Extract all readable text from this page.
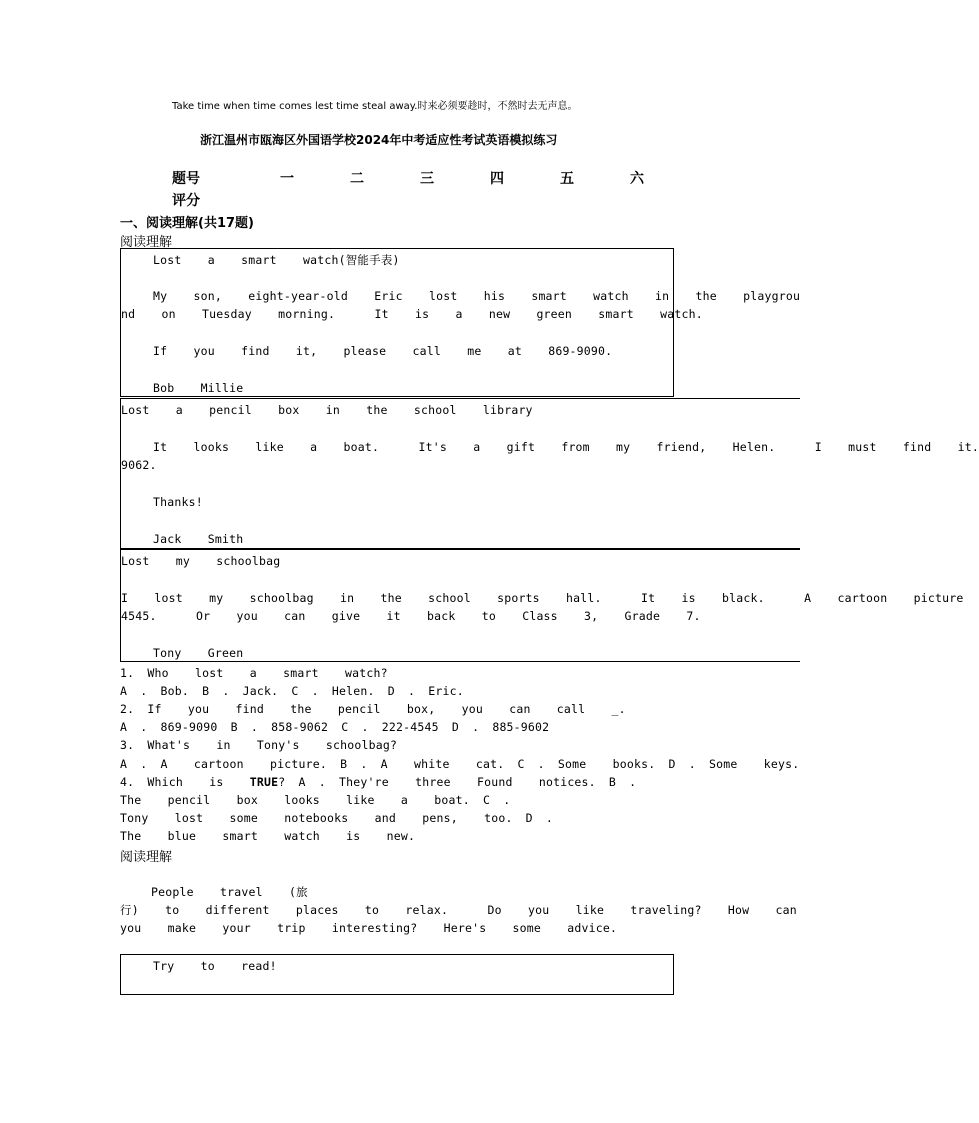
Take time when time comes lest time steal away.时来必须要趁时，不然时去无声息。
浙江温州市瓯海区外国语学校2024年中考适应性考试英语模拟练习
题号	一	二	三	四	五	六
评分
一、阅读理解(共17题)
阅读理解
Lost  a  smart  watch(智能手表)
My  son,  eight-year-old  Eric  lost  his  smart  watch  in  the  playgrou
nd  on  Tuesday  morning.   It  is  a  new  green  smart  watch.
If  you  find  it,  please  call  me  at  869-9090.
Bob  Millie
Lost  a  pencil  box  in  the  school  library
It  looks  like  a  boat.   It's  a  gift  from  my  friend,  Helen.   I  must  find  it.
9062.
Thanks!
Jack  Smith
Lost  my  schoolbag
I  lost  my  schoolbag  in  the  school  sports  hall.   It  is  black.   A  cartoon  picture
4545.   Or  you  can  give  it  back  to  Class  3,  Grade  7.
Tony  Green
1. Who  lost  a  smart  watch?
A . Bob. B . Jack. C . Helen. D . Eric.
2. If  you  find  the  pencil  box,  you  can  call  _.
A . 869-9090 B . 858-9062 C . 222-4545 D . 885-9602
3. What's  in  Tony's  schoolbag?
A . A  cartoon  picture. B . A  white  cat. C . Some  books. D . Some  keys.
4. Which  is  TRUE? A . They're  three  Found  notices. B .
The  pencil  box  looks  like  a  boat. C .
Tony  lost  some  notebooks  and  pens,  too. D .
The  blue  smart  watch  is  new.
阅读理解
People  travel  (旅
行)  to  different  places  to  relax.   Do  you  like  traveling?  How  can
you  make  your  trip  interesting?  Here's  some  advice.
Try  to  read!
